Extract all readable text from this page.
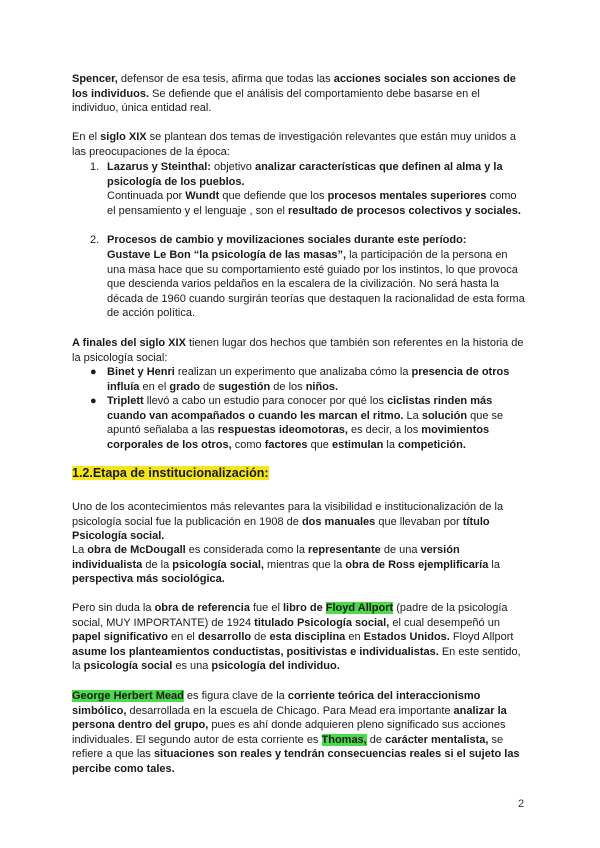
Spencer, defensor de esa tesis, afirma que todas las acciones sociales son acciones de los individuos. Se defiende que el análisis del comportamiento debe basarse en el individuo, única entidad real.

En el siglo XIX se plantean dos temas de investigación relevantes que están muy unidos a las preocupaciones de la época:

1. Lazarus y Steinthal: objetivo analizar características que definen al alma y la psicología de los pueblos.

Continuada por Wundt que defiende que los procesos mentales superiores como el pensamiento y el lenguaje , son el resultado de procesos colectivos y sociales.

2. Procesos de cambio y movilizaciones sociales durante este período:

Gustave Le Bon “la psicología de las masas”, la participación de la persona en una masa hace que su comportamiento esté guiado por los instintos, lo que provoca que descienda varios peldaños en la escalera de la civilización. No será hasta la década de 1960 cuando surgirán teorías que destaquen la racionalidad de esta forma de acción política.

A finales del siglo XIX tienen lugar dos hechos que también son referentes en la historia de la psicología social:

● Binet y Henri realizan un experimento que analizaba cómo la presencia de otros influía en el grado de sugestión de los niños.

● Triplett llevó a cabo un estudio para conocer por qué los ciclistas rinden más cuando van acompañados o cuando les marcan el ritmo. La solución que se apuntó señalaba a las respuestas ideomotoras, es decir, a los movimientos corporales de los otros, como factores que estimulan la competición.

1.2.Etapa de institucionalización:

Uno de los acontecimientos más relevantes para la visibilidad e institucionalización de la psicología social fue la publicación en 1908 de dos manuales que llevaban por título Psicología social.

La obra de McDougall es considerada como la representante de una versión individualista de la psicología social, mientras que la obra de Ross ejemplificaría la perspectiva más sociológica.

Pero sin duda la obra de referencia fue el libro de Floyd Allport (padre de la psicología social, MUY IMPORTANTE) de 1924 titulado Psicología social, el cual desempeñó un papel significativo en el desarrollo de esta disciplina en Estados Unidos. Floyd Allport asume los planteamientos conductistas, positivistas e individualistas. En este sentido, la psicología social es una psicología del individuo.

George Herbert Mead es figura clave de la corriente teórica del interaccionismo simbólico, desarrollada en la escuela de Chicago. Para Mead era importante analizar la persona dentro del grupo, pues es ahí donde adquieren pleno significado sus acciones individuales. El segundo autor de esta corriente es Thomas, de carácter mentalista, se refiere a que las situaciones son reales y tendrán consecuencias reales si el sujeto las percibe como tales.

2
